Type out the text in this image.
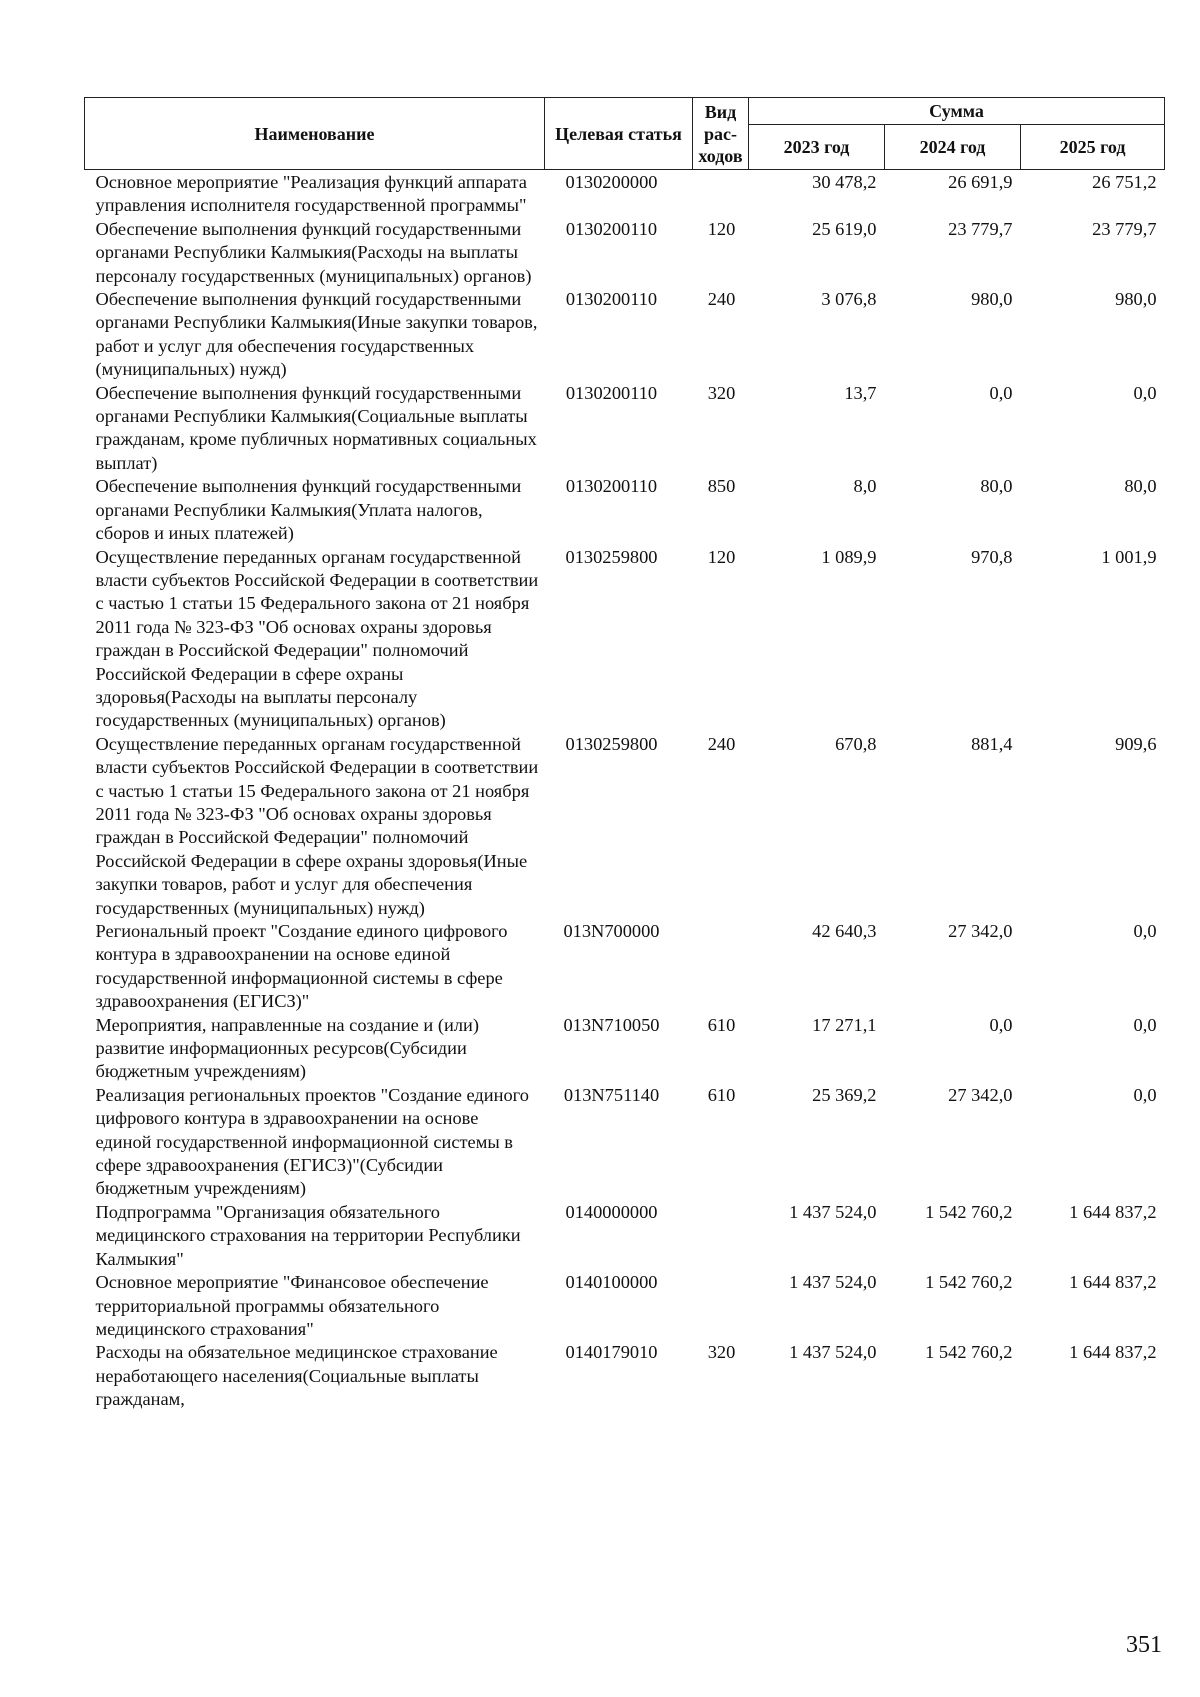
Наименование	Целевая статья	Вид рас-ходов	Сумма		
			2023 год	2024 год	2025 год
Основное мероприятие "Реализация функций аппарата управления исполнителя государственной программы"	0130200000		30 478,2	26 691,9	26 751,2
Обеспечение выполнения функций государственными органами Республики Калмыкия(Расходы на выплаты персоналу государственных (муниципальных) органов)	0130200110	120	25 619,0	23 779,7	23 779,7
Обеспечение выполнения функций государственными органами Республики Калмыкия(Иные закупки товаров, работ и услуг для обеспечения государственных (муниципальных) нужд)	0130200110	240	3 076,8	980,0	980,0
Обеспечение выполнения функций государственными органами Республики Калмыкия(Социальные выплаты гражданам, кроме публичных нормативных социальных выплат)	0130200110	320	13,7	0,0	0,0
Обеспечение выполнения функций государственными органами Республики Калмыкия(Уплата налогов, сборов и иных платежей)	0130200110	850	8,0	80,0	80,0
Осуществление переданных органам государственной власти субъектов Российской Федерации в соответствии с частью 1 статьи 15 Федерального закона от 21 ноября 2011 года № 323-ФЗ "Об основах охраны здоровья граждан в Российской Федерации" полномочий Российской Федерации в сфере охраны здоровья(Расходы на выплаты персоналу государственных (муниципальных) органов)	0130259800	120	1 089,9	970,8	1 001,9
Осуществление переданных органам государственной власти субъектов Российской Федерации в соответствии с частью 1 статьи 15 Федерального закона от 21 ноября 2011 года № 323-ФЗ "Об основах охраны здоровья граждан в Российской Федерации" полномочий Российской Федерации в сфере охраны здоровья(Иные закупки товаров, работ и услуг для обеспечения государственных (муниципальных) нужд)	0130259800	240	670,8	881,4	909,6
Региональный проект "Создание единого цифрового контура в здравоохранении на основе единой государственной информационной системы в сфере здравоохранения (ЕГИСЗ)"	013N700000		42 640,3	27 342,0	0,0
Мероприятия, направленные на создание и (или) развитие информационных ресурсов(Субсидии бюджетным учреждениям)	013N710050	610	17 271,1	0,0	0,0
Реализация региональных проектов "Создание единого цифрового контура в здравоохранении на основе единой государственной информационной системы в сфере здравоохранения (ЕГИСЗ)"(Субсидии бюджетным учреждениям)	013N751140	610	25 369,2	27 342,0	0,0
Подпрограмма "Организация обязательного медицинского страхования на территории Республики Калмыкия"	0140000000		1 437 524,0	1 542 760,2	1 644 837,2
Основное мероприятие "Финансовое обеспечение территориальной программы обязательного медицинского страхования"	0140100000		1 437 524,0	1 542 760,2	1 644 837,2
Расходы на обязательное медицинское страхование неработающего населения(Социальные выплаты гражданам,	0140179010	320	1 437 524,0	1 542 760,2	1 644 837,2
351
